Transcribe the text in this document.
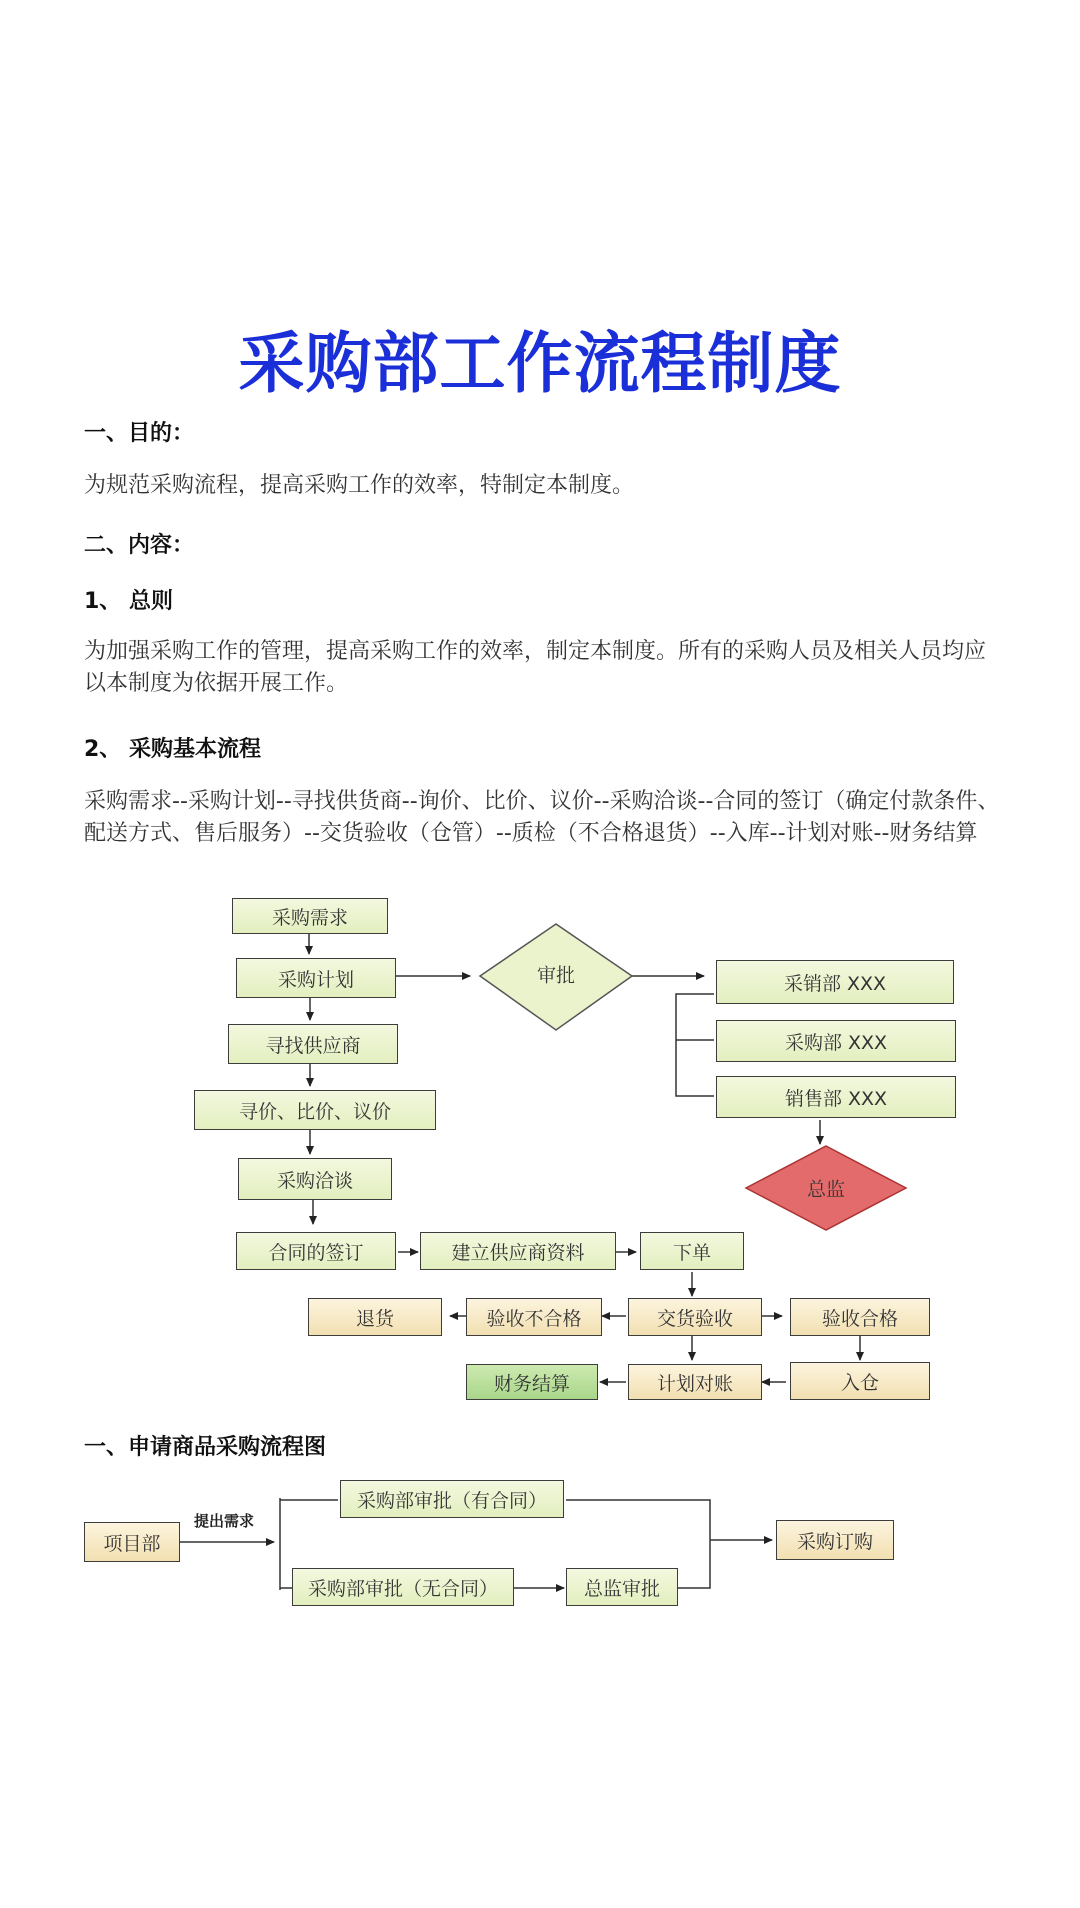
采购部工作流程制度
一、目的：
为规范采购流程，提高采购工作的效率，特制定本制度。
二、内容：
1、 总则
为加强采购工作的管理，提高采购工作的效率，制定本制度。所有的采购人员及相关人员均应以本制度为依据开展工作。
2、 采购基本流程
采购需求--采购计划--寻找供货商--询价、比价、议价--采购洽谈--合同的签订（确定付款条件、配送方式、售后服务）--交货验收（仓管）--质检（不合格退货）--入库--计划对账--财务结算
采购需求
采购计划
寻找供应商
寻价、比价、议价
采购洽谈
合同的签订	建立供应商资料	下单
审批	采销部 XXX
采购部 XXX
销售部 XXX
总监
交货验收
验收不合格
退货	验收合格
入仓
计划对账
财务结算
一、申请商品采购流程图
项目部
提出需求
采购部审批（有合同）
采购部审批（无合同）	总监审批
采购订购
